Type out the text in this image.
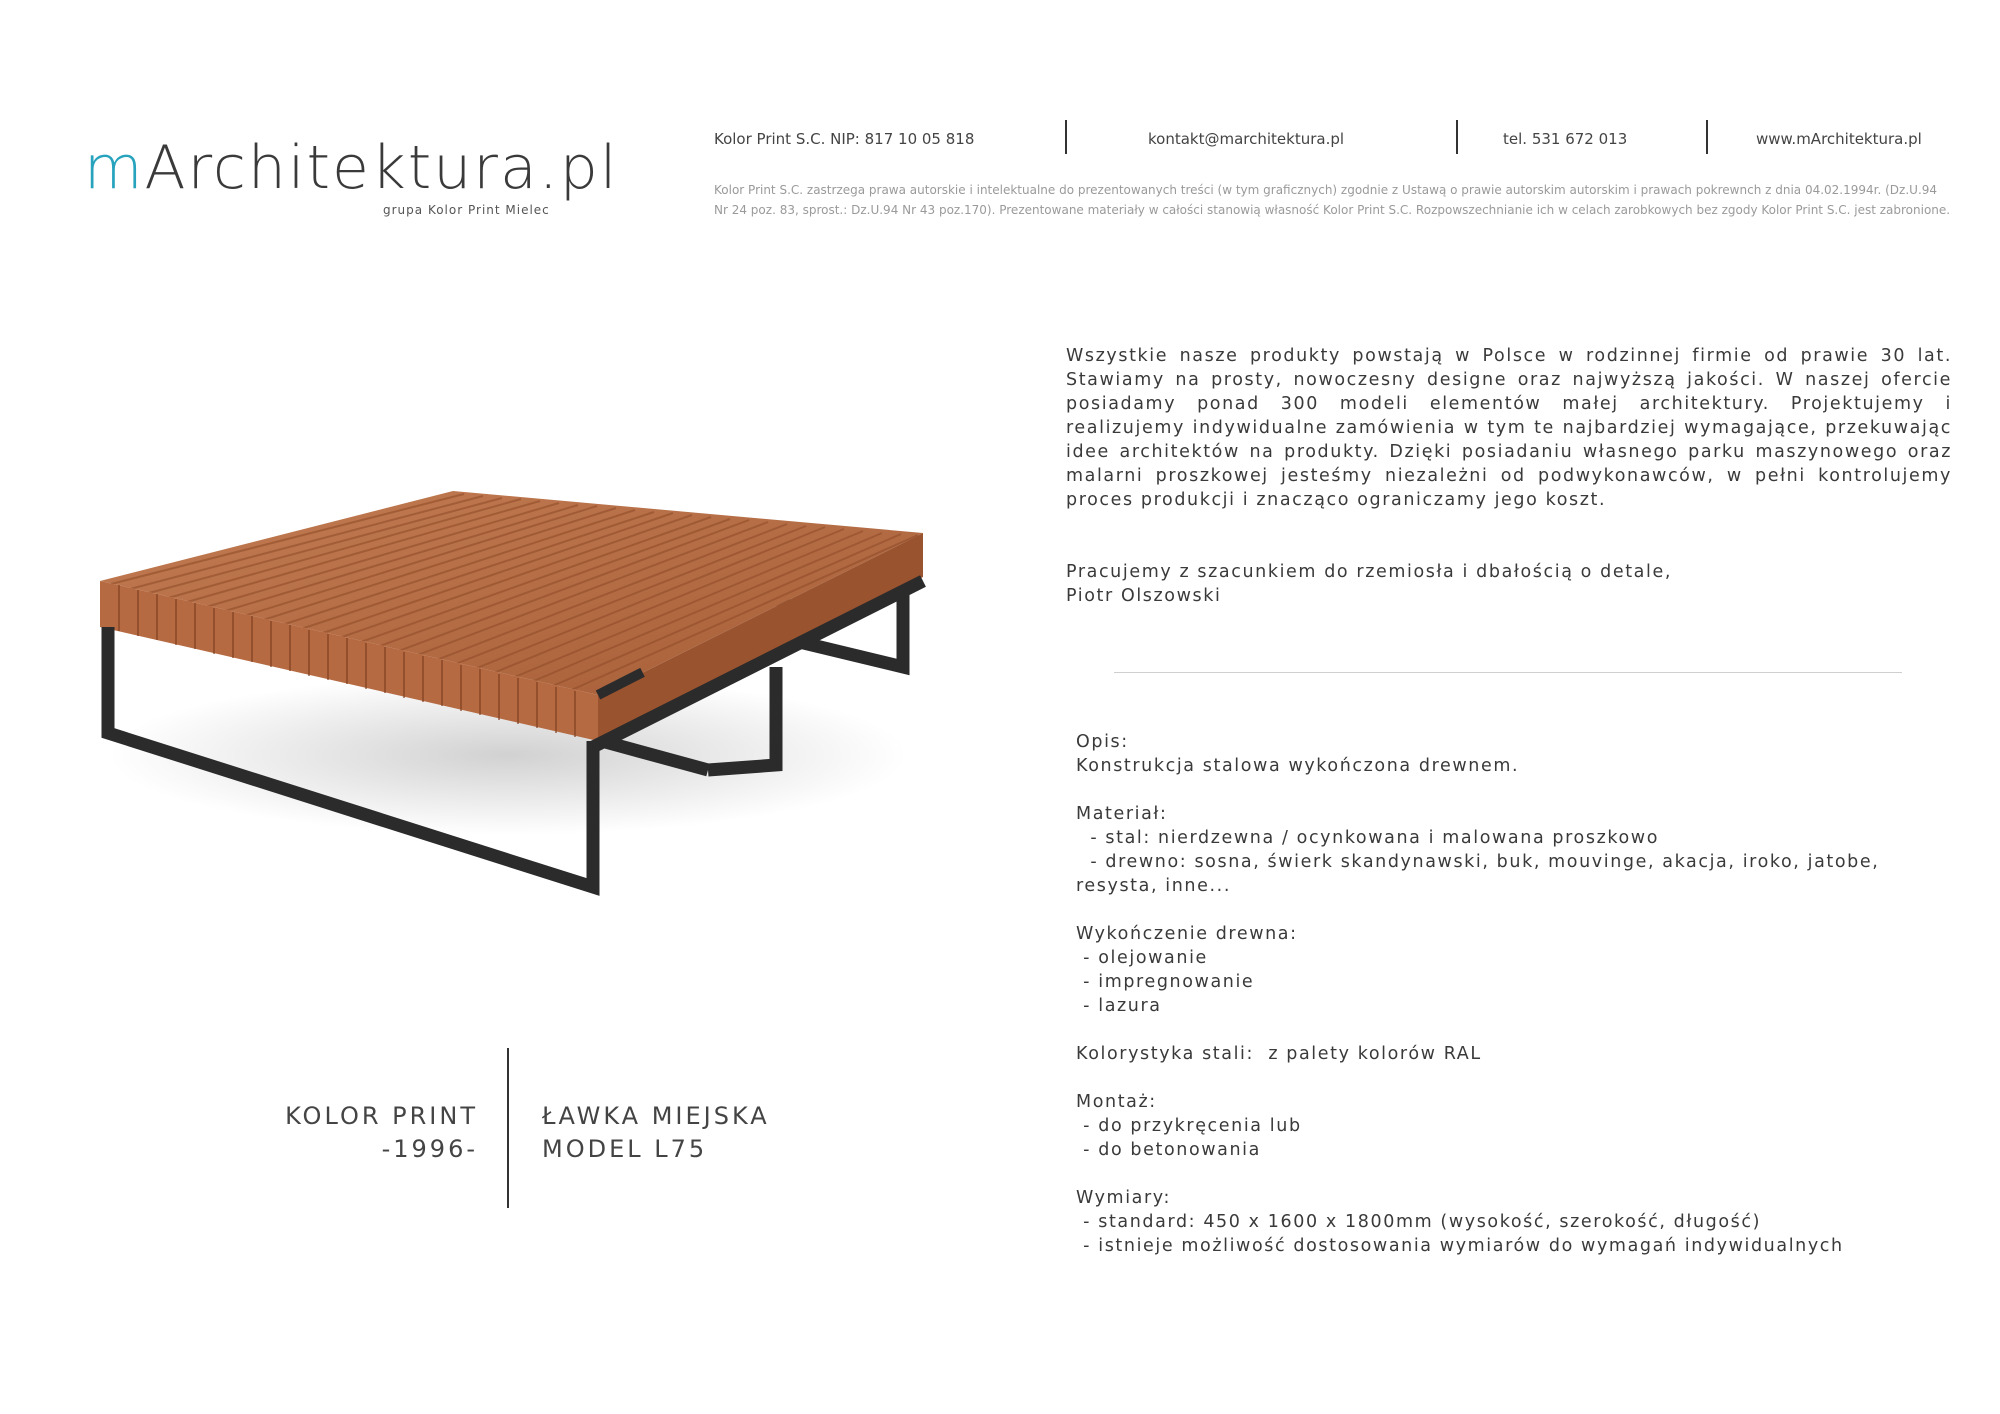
mArchitektura.pl
grupa Kolor Print Mielec
Kolor Print S.C. NIP: 817 10 05 818	kontakt@marchitektura.pl	tel. 531 672 013	www.mArchitektura.pl
Kolor Print S.C. zastrzega prawa autorskie i intelektualne do prezentowanych treści (w tym graficznych) zgodnie z Ustawą o prawie autorskim autorskim i prawach pokrewnch z dnia 04.02.1994r. (Dz.U.94 Nr 24 poz. 83, sprost.: Dz.U.94 Nr 43 poz.170). Prezentowane materiały w całości stanowią własność Kolor Print S.C. Rozpowszechnianie ich w celach zarobkowych bez zgody Kolor Print S.C. jest zabronione.
Wszystkie nasze produkty powstają w Polsce w rodzinnej firmie od prawie 30 lat. Stawiamy na prosty, nowoczesny designe oraz najwyższą jakości. W naszej ofercie posiadamy ponad 300 modeli elementów małej architektury. Projektujemy i realizujemy indywidualne zamówienia w tym te najbardziej wymagające, przekuwając idee architektów na produkty. Dzięki posiadaniu własnego parku maszynowego oraz malarni proszkowej jesteśmy niezależni od podwykonawców, w pełni kontrolujemy proces produkcji i znacząco ograniczamy jego koszt.
Pracujemy z szacunkiem do rzemiosła i dbałością o detale,
Piotr Olszowski
Opis:
Konstrukcja stalowa wykończona drewnem.
Materiał:
- stal: nierdzewna / ocynkowana i malowana proszkowo
- drewno: sosna, świerk skandynawski, buk, mouvinge, akacja, iroko, jatobe, resysta, inne...
Wykończenie drewna:
- olejowanie
- impregnowanie
- lazura
Kolorystyka stali:  z palety kolorów RAL
Montaż:
- do przykręcenia lub
- do betonowania
Wymiary:
- standard: 450 x 1600 x 1800mm (wysokość, szerokość, długość)
- istnieje możliwość dostosowania wymiarów do wymagań indywidualnych
KOLOR PRINT
-1996-
ŁAWKA MIEJSKA
MODEL L75
